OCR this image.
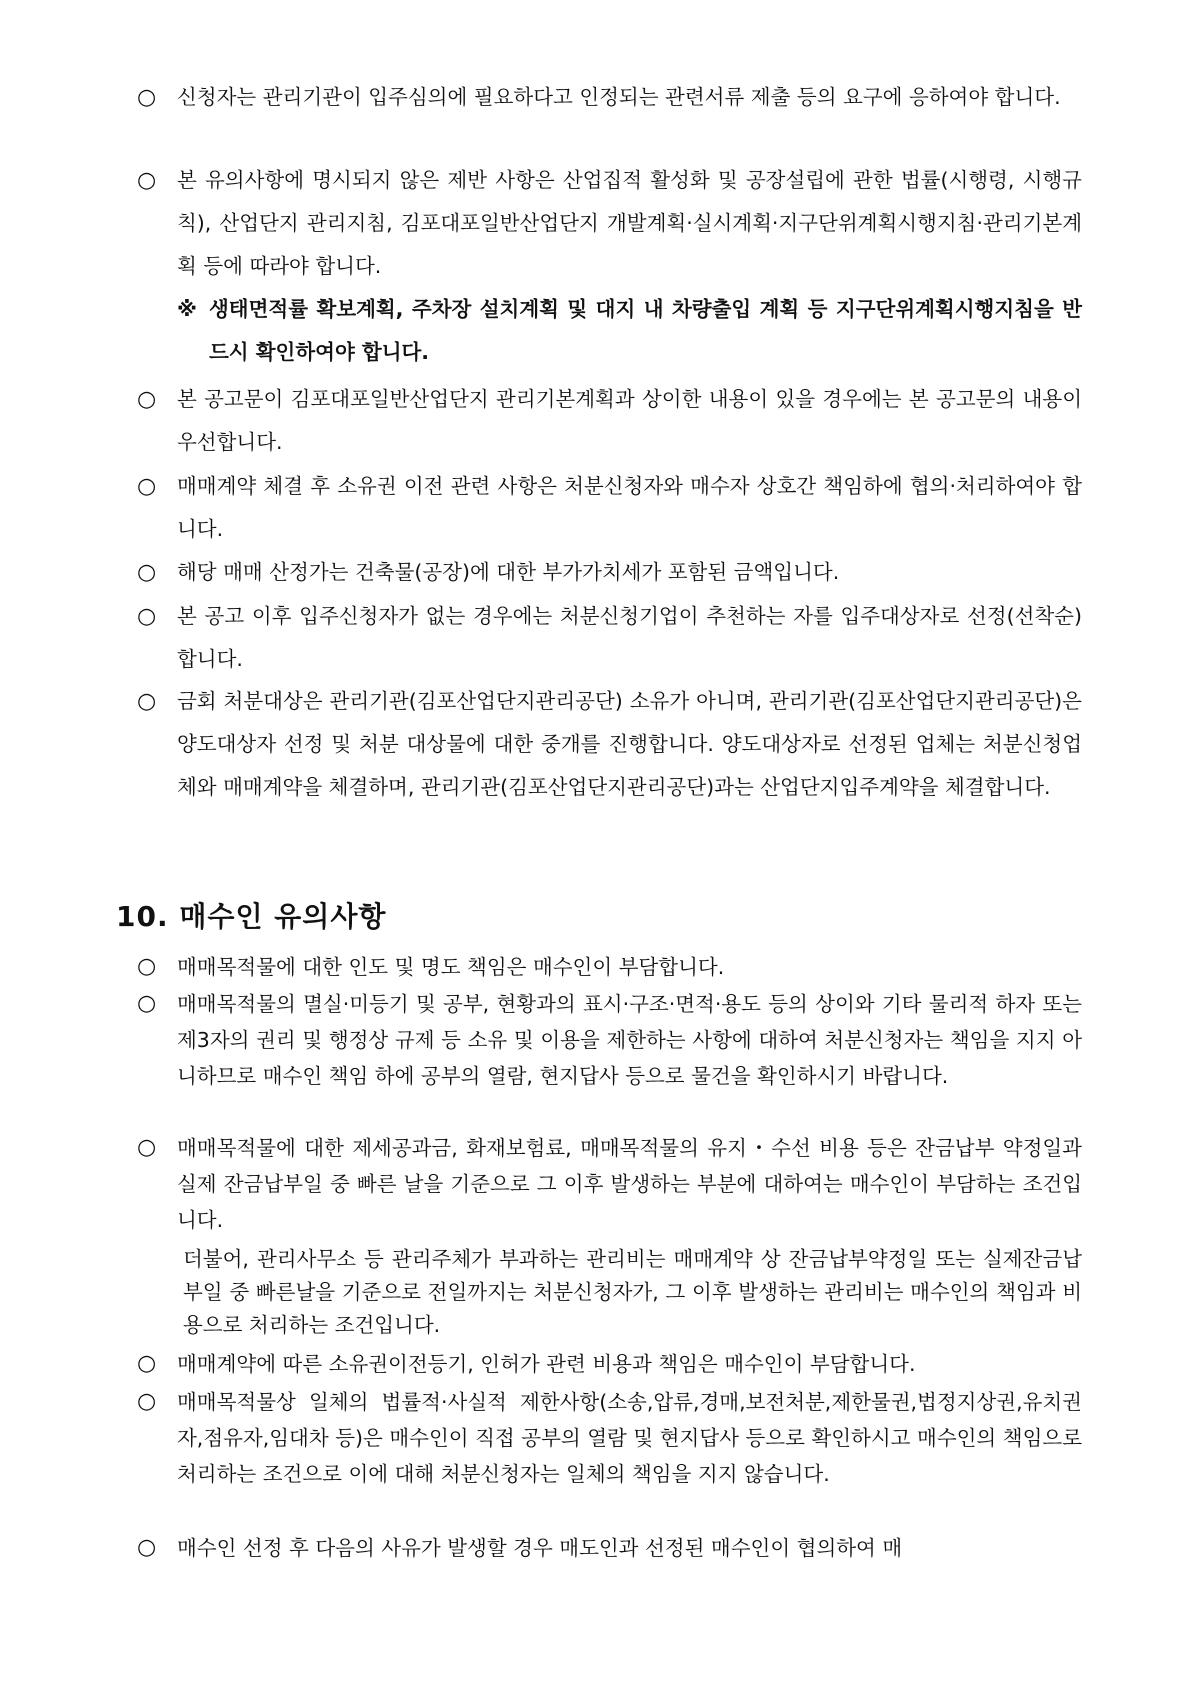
○ 신청자는 관리기관이 입주심의에 필요하다고 인정되는 관련서류 제출 등의 요구에 응하여야 합니다.
○ 본 유의사항에 명시되지 않은 제반 사항은 산업집적 활성화 및 공장설립에 관한 법률(시행령, 시행규칙), 산업단지 관리지침, 김포대포일반산업단지 개발계획·실시계획·지구단위계획시행지침·관리기본계획 등에 따라야 합니다.
※ 생태면적률 확보계획, 주차장 설치계획 및 대지 내 차량출입 계획 등 지구단위계획시행지침을 반드시 확인하여야 합니다.
○ 본 공고문이 김포대포일반산업단지 관리기본계획과 상이한 내용이 있을 경우에는 본 공고문의 내용이 우선합니다.
○ 매매계약 체결 후 소유권 이전 관련 사항은 처분신청자와 매수자 상호간 책임하에 협의·처리하여야 합니다.
○ 해당 매매 산정가는 건축물(공장)에 대한 부가가치세가 포함된 금액입니다.
○ 본 공고 이후 입주신청자가 없는 경우에는 처분신청기업이 추천하는 자를 입주대상자로 선정(선착순)합니다.
○ 금회 처분대상은 관리기관(김포산업단지관리공단) 소유가 아니며, 관리기관(김포산업단지관리공단)은 양도대상자 선정 및 처분 대상물에 대한 중개를 진행합니다. 양도대상자로 선정된 업체는 처분신청업체와 매매계약을 체결하며, 관리기관(김포산업단지관리공단)과는 산업단지입주계약을 체결합니다.
10. 매수인 유의사항
○ 매매목적물에 대한 인도 및 명도 책임은 매수인이 부담합니다.
○ 매매목적물의 멸실·미등기 및 공부, 현황과의 표시·구조·면적·용도 등의 상이와 기타 물리적 하자 또는 제3자의 권리 및 행정상 규제 등 소유 및 이용을 제한하는 사항에 대하여 처분신청자는 책임을 지지 아니하므로 매수인 책임 하에 공부의 열람, 현지답사 등으로 물건을 확인하시기 바랍니다.
○ 매매목적물에 대한 제세공과금, 화재보험료, 매매목적물의 유지・수선 비용 등은 잔금납부 약정일과 실제 잔금납부일 중 빠른 날을 기준으로 그 이후 발생하는 부분에 대하여는 매수인이 부담하는 조건입니다.
더불어, 관리사무소 등 관리주체가 부과하는 관리비는 매매계약 상 잔금납부약정일 또는 실제잔금납부일 중 빠른날을 기준으로 전일까지는 처분신청자가, 그 이후 발생하는 관리비는 매수인의 책임과 비용으로 처리하는 조건입니다.
○ 매매계약에 따른 소유권이전등기, 인허가 관련 비용과 책임은 매수인이 부담합니다.
○ 매매목적물상 일체의 법률적·사실적 제한사항(소송,압류,경매,보전처분,제한물권,법정지상권,유치권자,점유자,임대차 등)은 매수인이 직접 공부의 열람 및 현지답사 등으로 확인하시고 매수인의 책임으로 처리하는 조건으로 이에 대해 처분신청자는 일체의 책임을 지지 않습니다.
○ 매수인 선정 후 다음의 사유가 발생할 경우 매도인과 선정된 매수인이 협의하여 매
